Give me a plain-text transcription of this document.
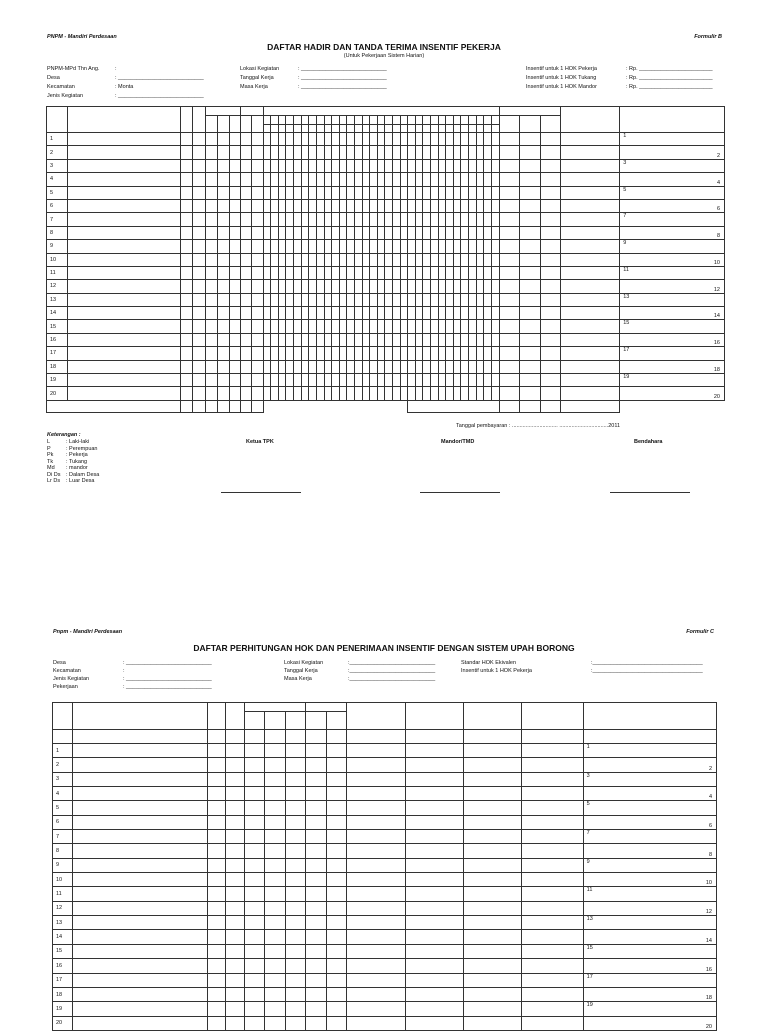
PNPM - Mandiri Perdesaan	Formulir B
DAFTAR HADIR DAN TANDA TERIMA INSENTIF PEKERJA
(Untuk Pekerjaan Sistem Harian)
PNPM-MPd Thn Ang.	:
Desa	: ____________________________
Kecamatan	: Monta
Jenis Kegiatan	: ____________________________
Lokasi Kegiatan	: ____________________________
Tanggal Kerja	: ____________________________
Masa Kerja	: ____________________________
Insentif untuk 1 HOK Pekerja	: Rp. ________________________
Insentif untuk 1 HOK Tukang	: Rp. ________________________
Insentif untuk 1 HOK Mandor	: Rp. ________________________

1																																												1
2																																												2
3																																												3
4																																												4
5																																												5
6																																												6
7																																												7
8																																												8
9																																												9
10																																												10
11																																												11
12																																												12
13																																												13
14																																												14
15																																												15
16																																												16
17																																												17
18																																												18
19																																												19
20																																												20

Tanggal pembayaran : .............................. ................................2011
Keterangan :
L	: Laki-laki
P	: Perempuan
Pk	: Pekerja
Tk	: Tukang
Md	: mandor
Di Ds	: Dalam Desa
Lr Ds	: Luar Desa
Ketua TPK	Mandor/TMD	Bendahara
Pnpm - Mandiri Perdesaan	Formulir C
DAFTAR PERHITUNGAN HOK DAN PENERIMAAN INSENTIF DENGAN SISTEM UPAH BORONG
Desa	: ____________________________
Kecamatan	:
Jenis Kegiatan	: ____________________________
Pekerjaan	: ____________________________
Lokasi Kegiatan	:____________________________
Tanggal Kerja	:____________________________
Masa Kerja	:____________________________
Standar HOK Ekivalen	:____________________________________
Insentif untuk 1 HOK Pekerja	:____________________________________

1													1
2													2
3													3
4													4
5													5
6													6
7													7
8													8
9													9
10													10
11													11
12													12
13													13
14													14
15													15
16													16
17													17
18													18
19													19
20													20
